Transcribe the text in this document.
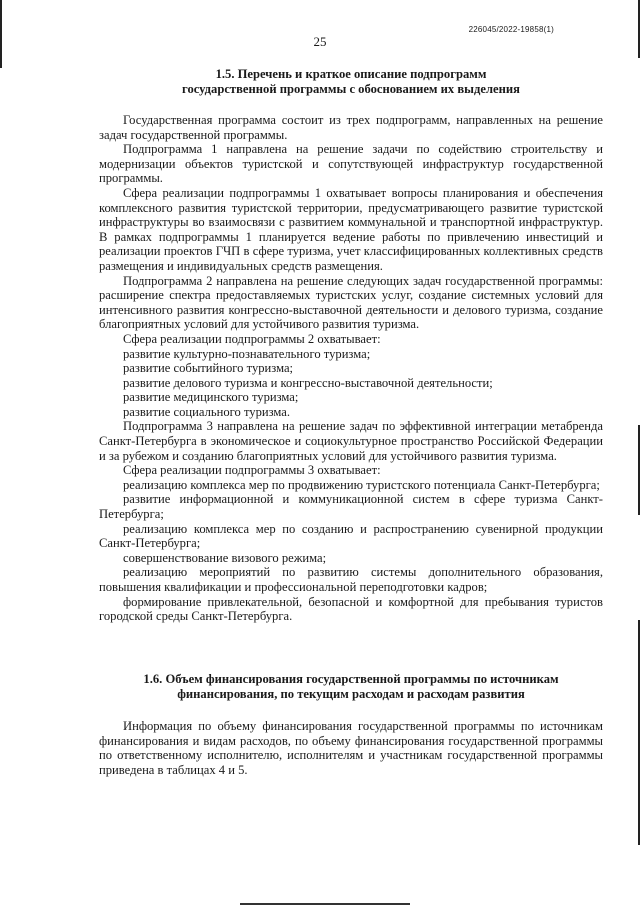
226045/2022-19858(1)
25
1.5. Перечень и краткое описание подпрограмм
государственной программы с обоснованием их выделения

Государственная программа состоит из трех подпрограмм, направленных на решение задач государственной программы.

Подпрограмма 1 направлена на решение задачи по содействию строительству и модернизации объектов туристской и сопутствующей инфраструктур государственной программы.

Сфера реализации подпрограммы 1 охватывает вопросы планирования и обеспечения комплексного развития туристской территории, предусматривающего развитие туристской инфраструктуры во взаимосвязи с развитием коммунальной и транспортной инфраструктур. В рамках подпрограммы 1 планируется ведение работы по привлечению инвестиций и реализации проектов ГЧП в сфере туризма, учет классифицированных коллективных средств размещения и индивидуальных средств размещения.

Подпрограмма 2 направлена на решение следующих задач государственной программы: расширение спектра предоставляемых туристских услуг, создание системных условий для интенсивного развития конгрессно-выставочной деятельности и делового туризма, создание благоприятных условий для устойчивого развития туризма.

Сфера реализации подпрограммы 2 охватывает:

развитие культурно-познавательного туризма;

развитие событийного туризма;

развитие делового туризма и конгрессно-выставочной деятельности;

развитие медицинского туризма;

развитие социального туризма.

Подпрограмма 3 направлена на решение задач по эффективной интеграции метабренда Санкт-Петербурга в экономическое и социокультурное пространство Российской Федерации и за рубежом и созданию благоприятных условий для устойчивого развития туризма.

Сфера реализации подпрограммы 3 охватывает:

реализацию комплекса мер по продвижению туристского потенциала Санкт-Петербурга;

развитие информационной и коммуникационной систем в сфере туризма Санкт-Петербурга;

реализацию комплекса мер по созданию и распространению сувенирной продукции Санкт-Петербурга;

совершенствование визового режима;

реализацию мероприятий по развитию системы дополнительного образования, повышения квалификации и профессиональной переподготовки кадров;

формирование привлекательной, безопасной и комфортной для пребывания туристов городской среды Санкт-Петербурга.

1.6. Объем финансирования государственной программы по источникам
финансирования, по текущим расходам и расходам развития

Информация по объему финансирования государственной программы по источникам финансирования и видам расходов, по объему финансирования государственной программы по ответственному исполнителю, исполнителям и участникам государственной программы приведена в таблицах 4 и 5.
